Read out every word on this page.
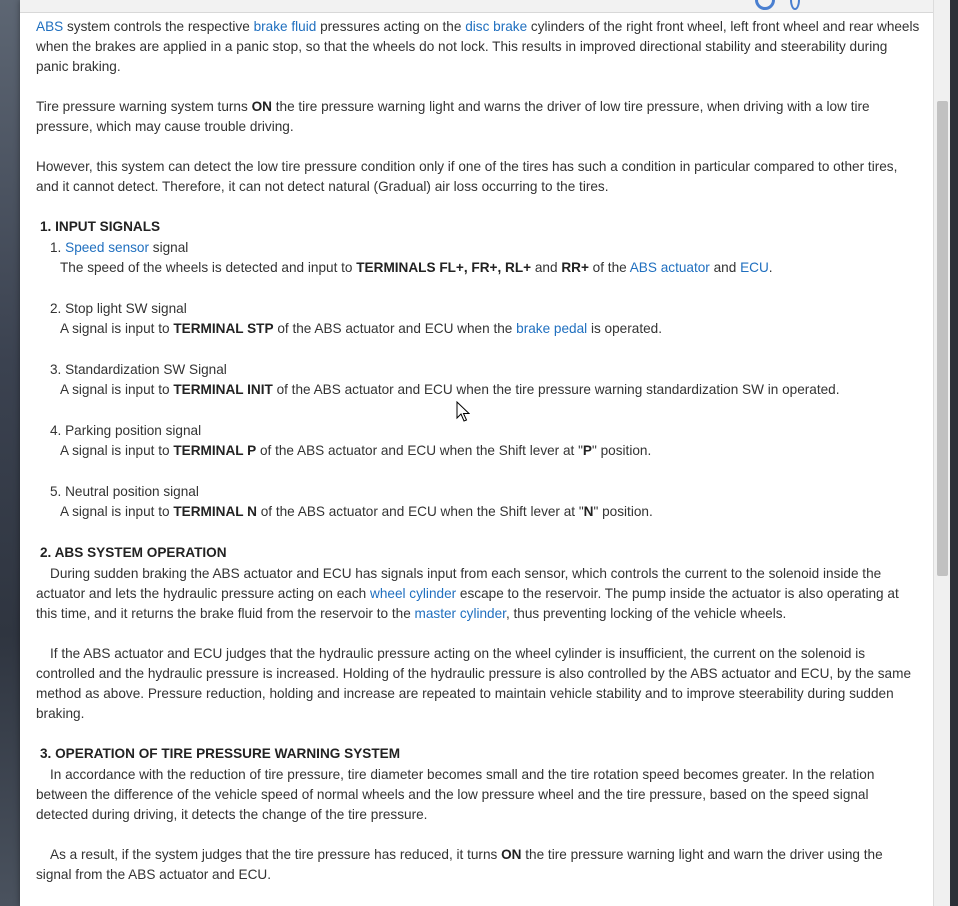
ABS system controls the respective brake fluid pressures acting on the disc brake cylinders of the right front wheel, left front wheel and rear wheels when the brakes are applied in a panic stop, so that the wheels do not lock. This results in improved directional stability and steerability during panic braking.

Tire pressure warning system turns ON the tire pressure warning light and warns the driver of low tire pressure, when driving with a low tire pressure, which may cause trouble driving.

However, this system can detect the low tire pressure condition only if one of the tires has such a condition in particular compared to other tires, and it cannot detect. Therefore, it can not detect natural (Gradual) air loss occurring to the tires.

1. INPUT SIGNALS
1. Speed sensor signal
The speed of the wheels is detected and input to TERMINALS FL+, FR+, RL+ and RR+ of the ABS actuator and ECU.
2. Stop light SW signal
A signal is input to TERMINAL STP of the ABS actuator and ECU when the brake pedal is operated.
3. Standardization SW Signal
A signal is input to TERMINAL INIT of the ABS actuator and ECU when the tire pressure warning standardization SW in operated.
4. Parking position signal
A signal is input to TERMINAL P of the ABS actuator and ECU when the Shift lever at "P" position.
5. Neutral position signal
A signal is input to TERMINAL N of the ABS actuator and ECU when the Shift lever at "N" position.
2. ABS SYSTEM OPERATION

During sudden braking the ABS actuator and ECU has signals input from each sensor, which controls the current to the solenoid inside the actuator and lets the hydraulic pressure acting on each wheel cylinder escape to the reservoir. The pump inside the actuator is also operating at this time, and it returns the brake fluid from the reservoir to the master cylinder, thus preventing locking of the vehicle wheels.

If the ABS actuator and ECU judges that the hydraulic pressure acting on the wheel cylinder is insufficient, the current on the solenoid is controlled and the hydraulic pressure is increased. Holding of the hydraulic pressure is also controlled by the ABS actuator and ECU, by the same method as above. Pressure reduction, holding and increase are repeated to maintain vehicle stability and to improve steerability during sudden braking.

3. OPERATION OF TIRE PRESSURE WARNING SYSTEM

In accordance with the reduction of tire pressure, tire diameter becomes small and the tire rotation speed becomes greater. In the relation between the difference of the vehicle speed of normal wheels and the low pressure wheel and the tire pressure, based on the speed signal detected during driving, it detects the change of the tire pressure.

As a result, if the system judges that the tire pressure has reduced, it turns ON the tire pressure warning light and warn the driver using the signal from the ABS actuator and ECU.
